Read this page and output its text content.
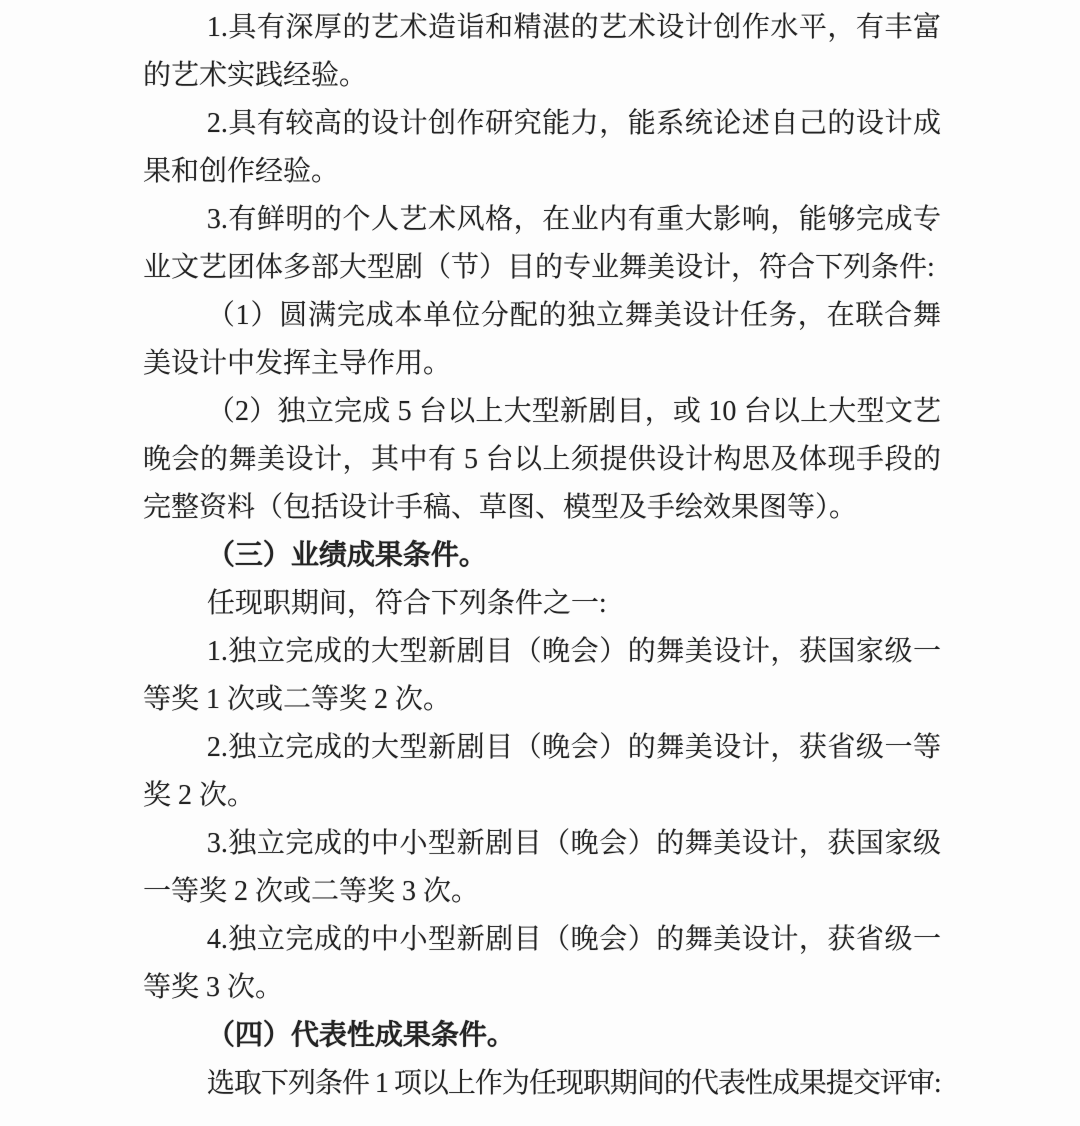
1.具有深厚的艺术造诣和精湛的艺术设计创作水平，有丰富的艺术实践经验。

2.具有较高的设计创作研究能力，能系统论述自己的设计成果和创作经验。

3.有鲜明的个人艺术风格，在业内有重大影响，能够完成专业文艺团体多部大型剧（节）目的专业舞美设计，符合下列条件:

（1）圆满完成本单位分配的独立舞美设计任务，在联合舞美设计中发挥主导作用。

（2）独立完成 5 台以上大型新剧目，或 10 台以上大型文艺晚会的舞美设计，其中有 5 台以上须提供设计构思及体现手段的完整资料（包括设计手稿、草图、模型及手绘效果图等）。

（三）业绩成果条件。

任现职期间，符合下列条件之一:

1.独立完成的大型新剧目（晚会）的舞美设计，获国家级一等奖 1 次或二等奖 2 次。

2.独立完成的大型新剧目（晚会）的舞美设计，获省级一等奖 2 次。

3.独立完成的中小型新剧目（晚会）的舞美设计，获国家级一等奖 2 次或二等奖 3 次。

4.独立完成的中小型新剧目（晚会）的舞美设计，获省级一等奖 3 次。

（四）代表性成果条件。

选取下列条件 1 项以上作为任现职期间的代表性成果提交评审:
